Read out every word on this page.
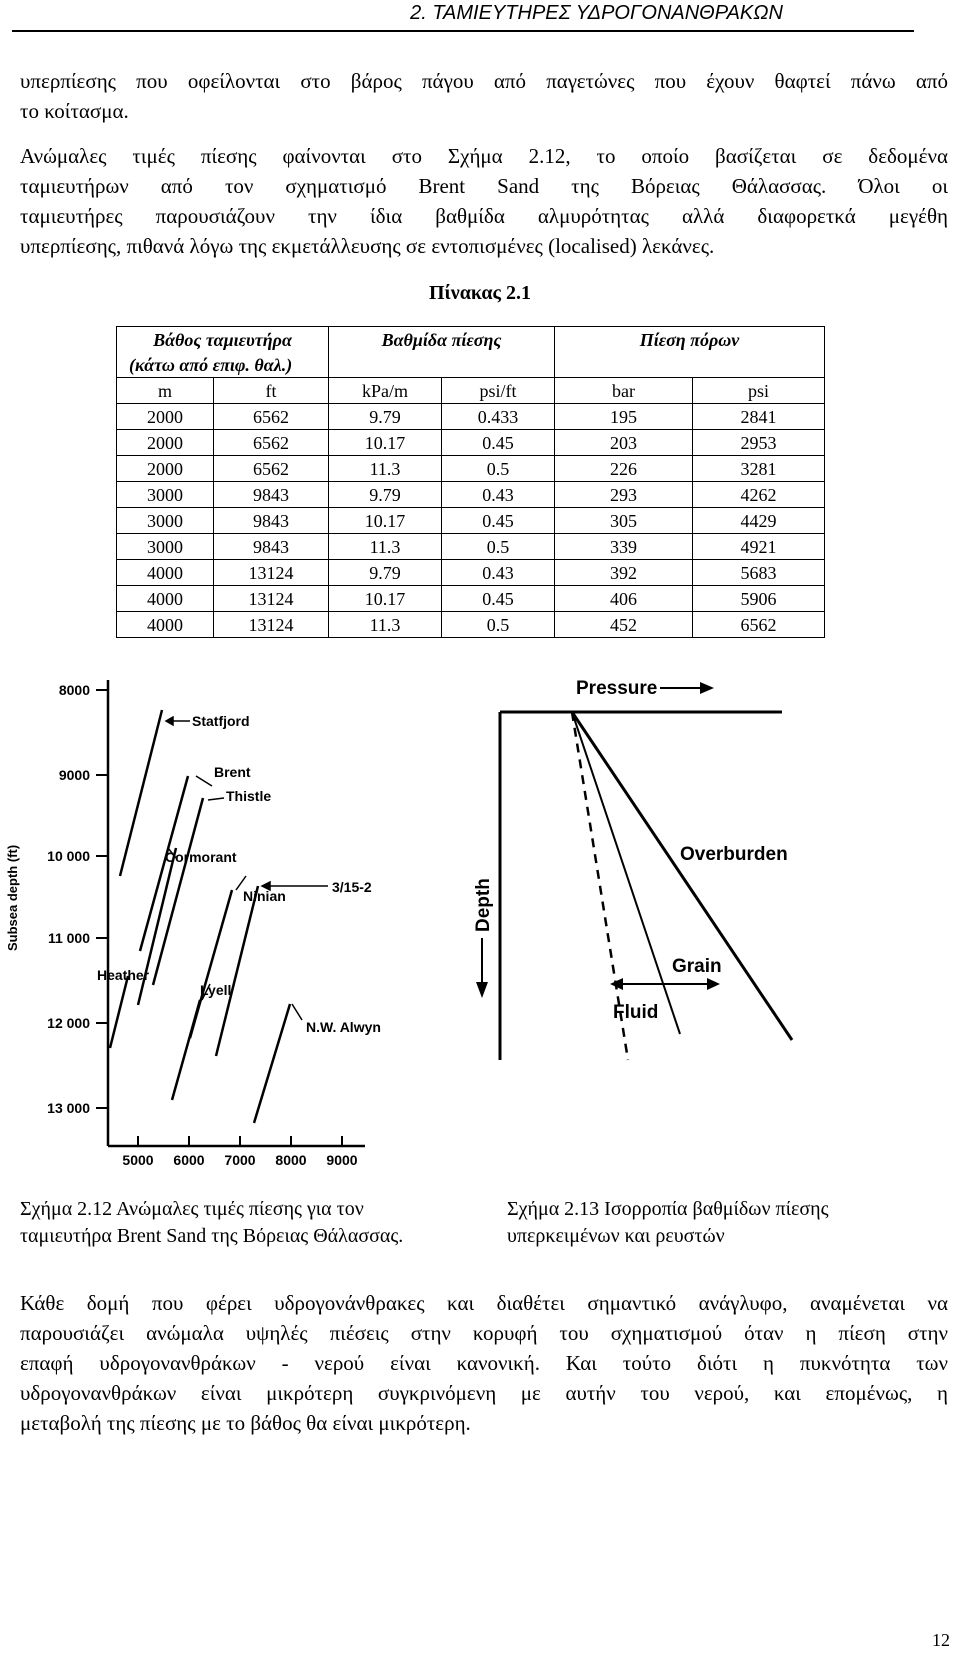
2. ΤΑΜΙΕΥΤΗΡΕΣ ΥΔΡΟΓΟΝΑΝΘΡΑΚΩΝ
υπερπίεσης που οφείλονται στο βάρος πάγου από παγετώνες που έχουν θαφτεί πάνω από
το κοίτασμα.
Ανώμαλες τιμές πίεσης φαίνονται στο Σχήμα 2.12, το οποίο βασίζεται σε δεδομένα
ταμιευτήρων από τον σχηματισμό Brent Sand της Βόρειας Θάλασσας. Όλοι οι
ταμιευτήρες παρουσιάζουν την ίδια βαθμίδα αλμυρότητας αλλά διαφορετκά μεγέθη
υπερπίεσης, πιθανά λόγω της εκμετάλλευσης σε εντοπισμένες (localised) λεκάνες.
Πίνακας 2.1
Βάθος ταμιευτήρα		Βαθμίδα πίεσης		Πίεση πόρων	
(κάτω από επιφ. θαλ.)					
m	ft	kPa/m	psi/ft	bar	psi
2000	6562	9.79	0.433	195	2841
2000	6562	10.17	0.45	203	2953
2000	6562	11.3	0.5	226	3281
3000	9843	9.79	0.43	293	4262
3000	9843	10.17	0.45	305	4429
3000	9843	11.3	0.5	339	4921
4000	13124	9.79	0.43	392	5683
4000	13124	10.17	0.45	406	5906
4000	13124	11.3	0.5	452	6562
8000
9000
10 000
11 000
12 000
13 000
5000 6000 7000 8000 9000
Subsea depth (ft)
Statfjord
Brent
Thistle
Cormorant
Ninian
3/15-2
Heather
Lyell
N.W. Alwyn
Pressure
Depth
Overburden
Grain
Fluid
Σχήμα 2.12 Ανώμαλες τιμές πίεσης για τον
ταμιευτήρα Brent Sand της Βόρειας Θάλασσας.
Σχήμα 2.13 Ισορροπία βαθμίδων πίεσης
υπερκειμένων και ρευστών
Κάθε δομή που φέρει υδρογονάνθρακες και διαθέτει σημαντικό ανάγλυφο, αναμένεται να
παρουσιάζει ανώμαλα υψηλές πιέσεις στην κορυφή του σχηματισμού όταν η πίεση στην
επαφή υδρογονανθράκων - νερού είναι κανονική. Και τούτο διότι η πυκνότητα των
υδρογονανθράκων είναι μικρότερη συγκρινόμενη με αυτήν του νερού, και επομένως, η
μεταβολή της πίεσης με το βάθος θα είναι μικρότερη.
12
